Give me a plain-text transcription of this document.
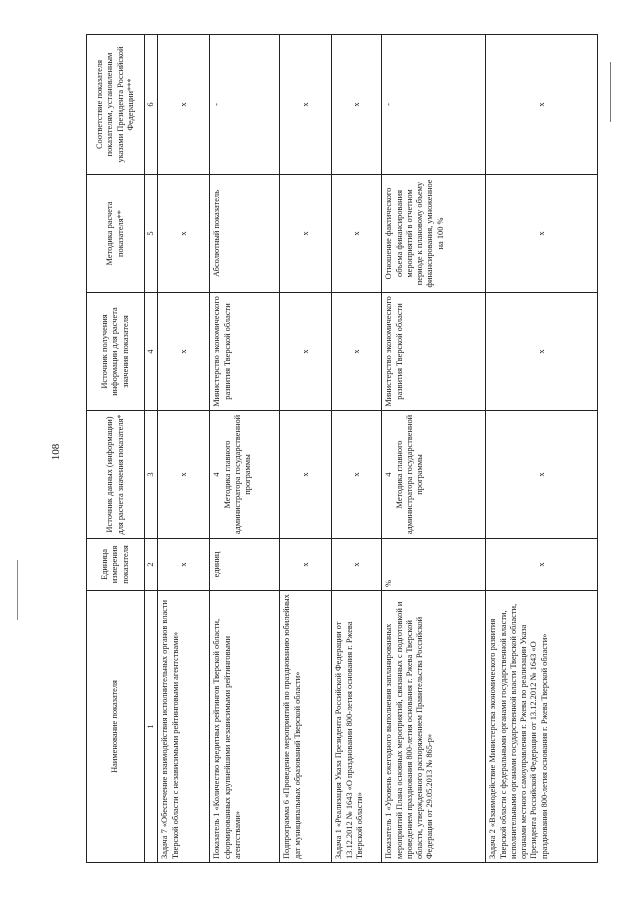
108
Наименование показателя	Единица измерения показателя	Источник данных (информации) для расчета значения показателя*	Источник получения информации для расчета значения показателя	Методика расчета показателя**	Соответствие показателя показателям, установленным указами Президента Российской Федерации***
1	2	3	4	5	6
Задача 7 «Обеспечение взаимодействия исполнительных органов власти Тверской области с независимыми рейтинговыми агентствами»	х	х	х	х	х
Показатель 1 «Количество кредитных рейтингов Тверской области, сформированных крупнейшими независимыми рейтинговыми агентствами»	единиц	4 Методика главного администратора государственной программы	Министерство экономического развития Тверской области	Абсолютный показатель	-
Подпрограмма 6 «Проведение мероприятий по празднованию юбилейных дат муниципальных образований Тверской области»	х	х	х	х	х
Задача 1 «Реализация Указа Президента Российской Федерации от 13.12.2012 № 1643 «О праздновании 800-летия основания г. Ржева Тверской области»	х	х	х	х	х
Показатель 1 «Уровень ежегодного выполнения запланированных мероприятий Плана основных мероприятий, связанных с подготовкой и проведением празднования 800-летия основания г. Ржева Тверской области, утвержденного распоряжением Правительства Российской Федерации от 29.05.2013 № 865-р»	%	4 Методика главного администратора государственной программы	Министерство экономического развития Тверской области	Отношение фактического объема финансирования мероприятий в отчетном периоде к плановому объему финансирования, умноженное на 100 %	-
Задача 2 «Взаимодействие Министерства экономического развития Тверской области с федеральными органами государственной власти, исполнительными органами государственной власти Тверской области, органами местного самоуправления г. Ржева по реализации Указа Президента Российской Федерации от 13.12.2012 № 1643 «О праздновании 800-летия основания г. Ржева Тверской области»	х	х	х	х	х
